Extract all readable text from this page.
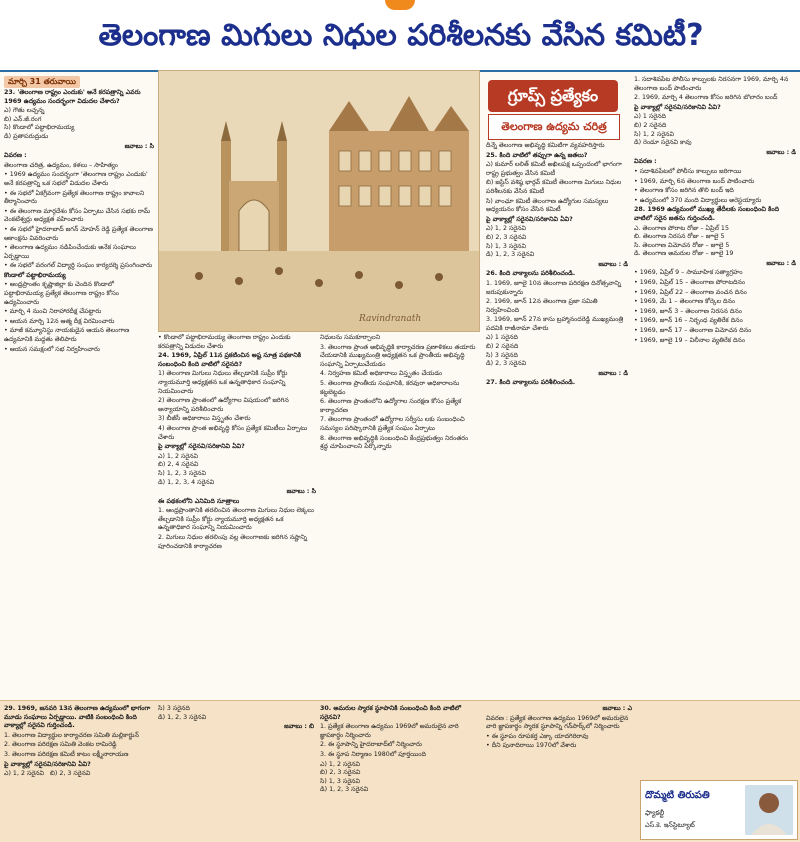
తెలంగాణ మిగులు నిధుల పరిశీలనకు వేసిన కమిటీ?

మార్చి 31 తరువాయి

23. 'తెలంగాణ రాష్ట్రం ఎందుకు' అనే కరపత్రాన్ని ఎవరు 1969 ఉద్యమం సందర్భంగా విడుదల చేశారు?

ఎ) గౌతు లచ్చన్న
బి) ఎన్.జీ.రంగ
సి) కొండాలో పట్టాభిరామయ్య
డి) ప్రతాపరుద్రుడు

జవాబు : సి

వివరణ :

తెలంగాణ చరిత్ర, ఉద్యమం, కళలు – సాహిత్యం

• 1969 ఉద్యమం సందర్భంగా 'తెలంగాణ రాష్ట్రం ఎందుకు' అనే కరపత్రాన్ని ఒక సభలో విడుదల చేశారు

• ఈ సభలో ఏకగ్రీవంగా ప్రత్యేక తెలంగాణ రాష్ట్రం కావాలని తీర్మానించారు

• ఈ తెలంగాణ మార్గదేశం కోసం ఏర్పాటు చేసిన సభకు రామ్ వెంకటేశ్వర్లు అధ్యక్షత వహించారు

• ఈ సభలో హైదరాబాద్ జగన్ మోహన్ రెడ్డి ప్రత్యేక తెలంగాణ ఆకాంక్షను వివరించారు

• తెలంగాణ ఉద్యమం నడిపించేందుకు అనేక సంఘాలు ఏర్పడ్డాయి

• ఈ సభలో వరంగల్ విద్యార్థి సంఘం కార్యదర్శి ప్రసంగించారు

కొండాలో పట్టాభిరామయ్య

• ఆంధ్రప్రాంతం కృష్ణాజిల్లా కు చెందిన కొండాలో పట్టాభిరామయ్య ప్రత్యేక తెలంగాణ రాష్ట్రం కోసం ఉద్యమించారు

• మార్చి 4 నుంచి నిరాహారదీక్ష చేపట్టారు

• ఆయన మార్చి 12న ఆత్మ దీక్ష విరమించారు

• మాజీ కమ్యూనిస్టు నాయకుడైన ఆయన తెలంగాణ ఉద్యమానికి మద్దతు తెలిపారు

• ఆయన సమక్షంలో సభ నిర్వహించారు

Ravindranath

• కొండాలో పట్టాభిరామయ్య తెలంగాణ రాష్ట్రం ఎందుకు కరపత్రాన్ని విడుదల చేశారు

24. 1969, ఏప్రిల్ 11న ప్రకటించిన అష్ట సూత్ర పథకానికి సంబంధించి కింది వాటిలో సరైనది?

1) తెలంగాణ మిగులు నిధులు తేల్చడానికి సుప్రీం కోర్టు న్యాయమూర్తి అధ్యక్షతన ఒక ఉన్నతాధికార సంఘాన్ని నియమించారు

2) తెలంగాణ ప్రాంతంలో ఉద్యోగాల విషయంలో జరిగిన అన్యాయాన్ని పరిశీలించారు

3) బీజీసీ అధికారాలు విస్తృతం చేశారు

4) తెలంగాణ ప్రాంత అభివృద్ధి కోసం ప్రత్యేక కమిటీలు ఏర్పాటు చేశారు

పై వాక్యాల్లో సరైనవి/సరికానివి ఏవి?

ఎ) 1, 2 సరైనవి
బి) 2, 4 సరైనవి
సి) 1, 2, 3 సరైనవి
డి) 1, 2, 3, 4 సరైనవి

జవాబు : సి

ఈ పథకంలోని ఎనిమిది సూత్రాలు

1. ఆంధ్రప్రాంతానికి తరలించిన తెలంగాణ మిగులు నిధుల లెక్కలు తేల్చడానికి సుప్రీం కోర్టు న్యాయమూర్తి అధ్యక్షతన ఒక ఉన్నతాధికార సంఘాన్ని నియమించారు

2. మిగులు నిధుల తరలింపు వల్ల తెలంగాణకు జరిగిన నష్టాన్ని పూరించడానికి కార్యాచరణ

నిధులను సమకూర్చాలని

3. తెలంగాణ ప్రాంత అభివృద్ధికి కార్యాచరణ ప్రణాళికలు తయారు చేయడానికి ముఖ్యమంత్రి అధ్యక్షతన ఒక ప్రాంతీయ అభివృద్ధి సంఘాన్ని ఏర్పాటుచేయడం

4. నిర్వహణ కమిటీ అధికారాలు విస్తృతం చేయడం

5. తెలంగాణ ప్రాంతీయ సంఘానికి, కరవురా అధికారాలను కట్టబెట్టడం

6. తెలంగాణ ప్రాంతంలోని ఉద్యోగాల సంరక్షణ కోసం ప్రత్యేక కార్యాచరణ

7. తెలంగాణ ప్రాంతంలో ఉద్యోగాల సర్వీసు లకు సంబంధించి సమస్యల పరిష్కారానికి ప్రత్యేక సంఘం ఏర్పాటు

8. తెలంగాణ అభివృద్ధికి సంబంధించి కేంద్రప్రభుత్వం నిరంతరం శ్రద్ధ చూపించాలని పేర్కొన్నారు

గ్రూప్స్ ప్రత్యేకం
తెలంగాణ ఉద్యమ చరిత్ర

దీన్నే తెలంగాణ అభివృద్ధి కమిటీగా వ్యవహరిస్తారు

25. కింది వాటిలో తప్పుగా ఉన్న జతలు?

ఎ) కుమార్ లలిత్ కమిటీ అఖిలపక్ష ఒప్పందంలో భాగంగా రాష్ట్ర ప్రభుత్వం వేసిన కమిటీ

బి) జస్టిస్ వశిష్ఠ భార్గవ్ కమిటీ తెలంగాణ మిగులు నిధుల పరిశీలనకు వేసిన కమిటీ

సి) వాంఛూ కమిటీ తెలంగాణ ఉద్యోగుల సమస్యలు అధ్యయనం కోసం వేసిన కమిటీ

పై వాక్యాల్లో సరైనవి/సరికానివి ఏవి?

ఎ) 1, 2 సరైనవి
బి) 2, 3 సరైనవి
సి) 1, 3 సరైనవి
డి) 1, 2, 3 సరైనవి

జవాబు : డి

26. కింది వాక్యాలను పరిశీలించండి.

1. 1969, జూలై 10న తెలంగాణ పరిరక్షణ దినోత్సవాన్ని జరుపుకున్నారు

2. 1969, జూన్ 12న తెలంగాణ ప్రజా సమితి నిర్వహించింది

3. 1969, జూన్ 27న కాసు బ్రహ్మానందరెడ్డి ముఖ్యమంత్రి పదవికి రాజీనామా చేశారు

ఎ) 1 సరైనది
బి) 2 సరైనది
సి) 3 సరైనది
డి) 2, 3 సరైనవి

జవాబు : డి

27. కింది వాక్యాలను పరిశీలించండి.

1. సదాశివపేట పోలీసు కాల్పులకు నిరసనగా 1969, మార్చి 4న తెలంగాణ బంద్ పాటించారు

2. 1969, మార్చి 4 తెలంగాణ కోసం జరిగిన బొలారం బంద్

పై వాక్యాల్లో సరైనవి/సరికానివి ఏవి?

ఎ) 1 సరైనది
బి) 2 సరైనది
సి) 1, 2 సరైనవి
డి) రెండూ సరైనవి కావు

జవాబు : డి

వివరణ :

• సదాశివపేటలో పోలీసు కాల్పులు జరిగాయి

• 1969, మార్చి 6న తెలంగాణ బంద్ పాటించారు

• తెలంగాణ కోసం జరిగిన తొలి బంద్ ఇది

• ఉద్యమంలో 370 మంది విద్యార్థులు అరెస్టయ్యారు

28. 1969 ఉద్యమంలో ముఖ్య తేదీలకు సంబంధించి కింది వాటిలో సరైన జతను గుర్తించండి.

ఎ. తెలంగాణ పోరాట రోజు – ఏప్రిల్ 15
బి. తెలంగాణ నిరసన రోజు – జూలై 5
సి. తెలంగాణ విమోచన రోజు – జూలై 5
డి. తెలంగాణ అమరుల రోజు – జూలై 19

జవాబు : డి

• 1969, ఏప్రిల్ 9 – సామూహిక సత్యాగ్రహం

• 1969, ఏప్రిల్ 15 – తెలంగాణ పోరాటదినం

• 1969, ఏప్రిల్ 22 – తెలంగాణ వంచన దినం

• 1969, మే 1 – తెలంగాణ కోర్కెల దినం

• 1969, జూన్ 3 – తెలంగాణ నిరసన దినం

• 1969, జూన్ 16 – నిర్బంధ వ్యతిరేక దినం

• 1969, జూన్ 17 – తెలంగాణ విమోచన దినం

• 1969, జూలై 19 – విలీనాల వ్యతిరేక దినం

29. 1969, జనవరి 13న తెలంగాణ ఉద్యమంలో భాగంగా మూడు సంఘాలు ఏర్పడ్డాయి. వాటికి సంబంధించి కింది వాక్యాల్లో సరైనవి గుర్తించండి.

1. తెలంగాణ విద్యార్థుల కార్యాచరణ సమితి మల్లికార్జున్

2. తెలంగాణ పరిరక్షణ సమితి వెంకట రామిరెడ్డి

3. తెలంగాణ పరిరక్షణ కమిటీ కాటం లక్ష్మీనారాయణ

పై వాక్యాల్లో సరైనవి/సరికానివి ఏవి?

ఎ) 1, 2 సరైనవి బి) 2, 3 సరైనవి

సి) 3 సరైనది
డి) 1, 2, 3 సరైనవి

జవాబు : బి

30. అమరుల స్మారక స్థూపానికి సంబంధించి కింది వాటిలో సరైనవి?

1. ప్రత్యేక తెలంగాణ ఉద్యమం 1969లో అమరులైన వారి జ్ఞాపకార్థం నిర్మించారు

2. ఈ స్థూపాన్ని హైదరాబాద్‌లో నిర్మించారు

3. ఈ స్థూప నిర్మాణం 1980లో పూర్తయింది

ఎ) 1, 2 సరైనవి
బి) 2, 3 సరైనవి
సి) 1, 3 సరైనవి
డి) 1, 2, 3 సరైనవి

జవాబు : ఎ

వివరణ : ప్రత్యేక తెలంగాణ ఉద్యమం 1969లో అమరులైన వారి జ్ఞాపకార్థం స్మారక స్థూపాన్ని గన్‌పార్క్‌లో నిర్మించారు

• ఈ స్థూపం రూపకర్త ఎక్కా యాదగిరిరావు

• దీని పునాదిరాయి 1970లో వేశారు

దొమ్మటి తిరుపతి
ఫ్యాకల్టీ
ఎస్.కె. ఇన్‌స్టిట్యూట్
